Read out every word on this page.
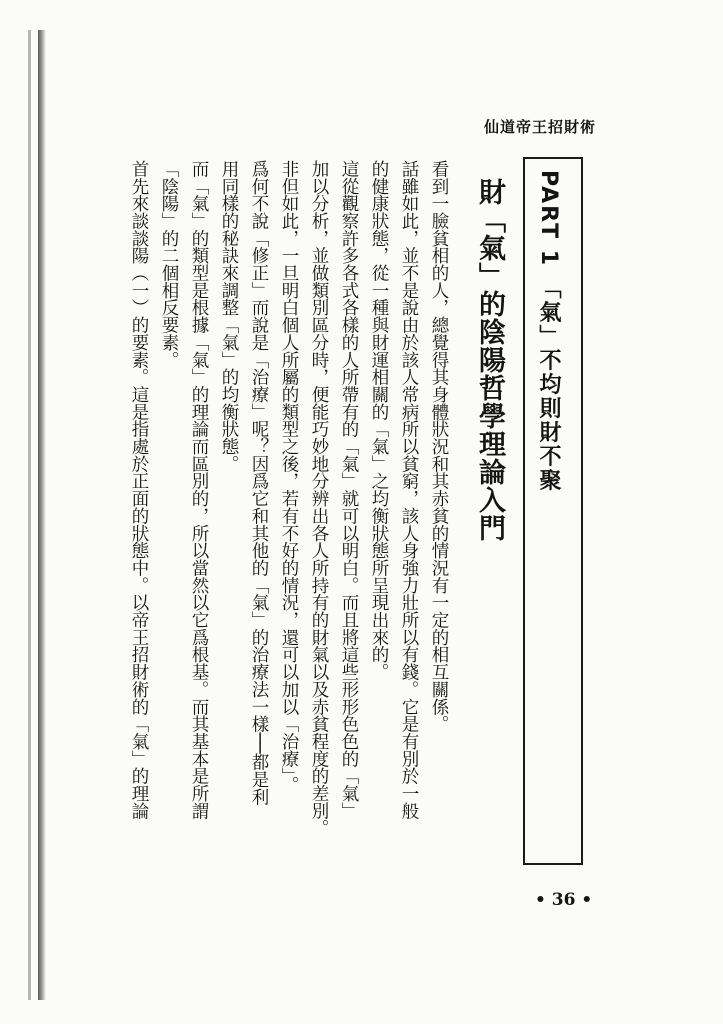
仙道帝王招財術
PART 1 「氣」不均則財不聚
財「氣」的陰陽哲學理論入門
看到一臉貧相的人，總覺得其身體狀況和其赤貧的情況有一定的相互關係。
話雖如此，並不是說由於該人常病所以貧窮，該人身強力壯所以有錢。它是有別於一般
的健康狀態，從一種與財運相關的「氣」之均衡狀態所呈現出來的。
這從觀察許多各式各樣的人所帶有的「氣」就可以明白。而且將這些形形色色的「氣」
加以分析，並做類別區分時，便能巧妙地分辨出各人所持有的財氣以及赤貧程度的差別。
非但如此，一旦明白個人所屬的類型之後，若有不好的情況，還可以加以「治療」。
爲何不說「修正」而說是「治療」呢？因爲它和其他的「氣」的治療法一樣──都是利
用同樣的秘訣來調整「氣」的均衡狀態。
而「氣」的類型是根據「氣」的理論而區別的，所以當然以它爲根基。而其基本是所謂
「陰陽」的二個相反要素。
首先來談談陽（一）的要素。這是指處於正面的狀態中。以帝王招財術的「氣」的理論
• 36 •
